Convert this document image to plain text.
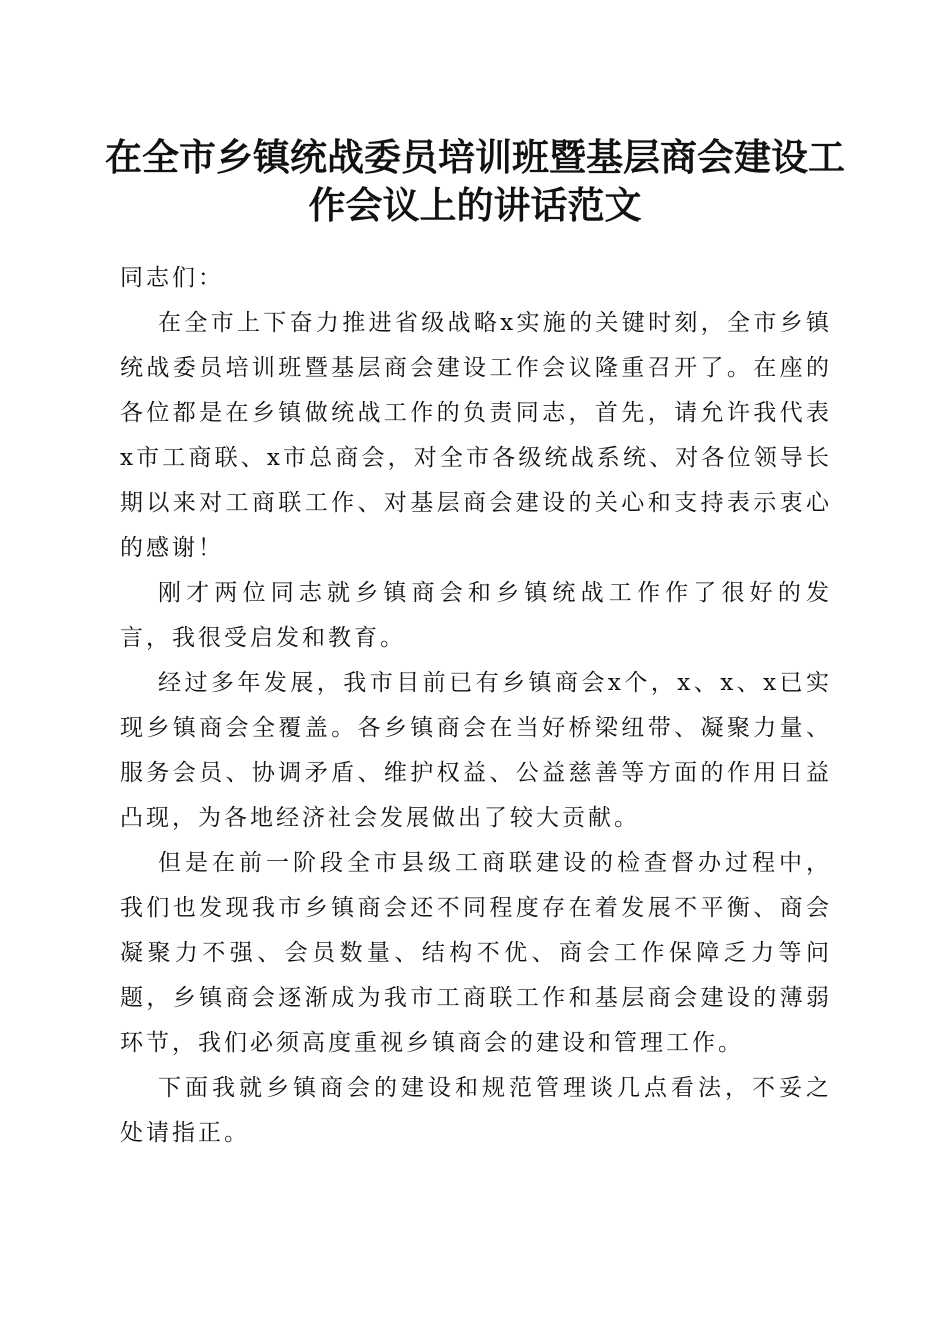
在全市乡镇统战委员培训班暨基层商会建设工作会议上的讲话范文

同志们：

在全市上下奋力推进省级战略x实施的关键时刻，全市乡镇统战委员培训班暨基层商会建设工作会议隆重召开了。在座的各位都是在乡镇做统战工作的负责同志，首先，请允许我代表x市工商联、x市总商会，对全市各级统战系统、对各位领导长期以来对工商联工作、对基层商会建设的关心和支持表示衷心的感谢！

刚才两位同志就乡镇商会和乡镇统战工作作了很好的发言，我很受启发和教育。

经过多年发展，我市目前已有乡镇商会x个，x、x、x已实现乡镇商会全覆盖。各乡镇商会在当好桥梁纽带、凝聚力量、服务会员、协调矛盾、维护权益、公益慈善等方面的作用日益凸现，为各地经济社会发展做出了较大贡献。

但是在前一阶段全市县级工商联建设的检查督办过程中，我们也发现我市乡镇商会还不同程度存在着发展不平衡、商会凝聚力不强、会员数量、结构不优、商会工作保障乏力等问题，乡镇商会逐渐成为我市工商联工作和基层商会建设的薄弱环节，我们必须高度重视乡镇商会的建设和管理工作。

下面我就乡镇商会的建设和规范管理谈几点看法，不妥之处请指正。
